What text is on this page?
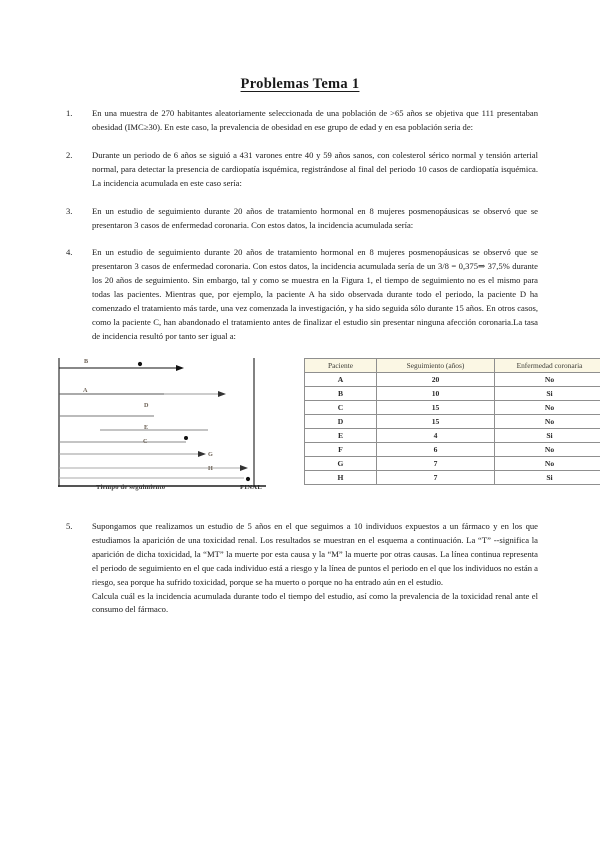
Problemas Tema 1
1.	En una muestra de 270 habitantes aleatoriamente seleccionada de una población de >65 años se objetiva que 111 presentaban obesidad (IMC≥30). En este caso, la prevalencia de obesidad en ese grupo de edad y en esa población seria de:
2.	Durante un periodo de 6 años se siguió a 431 varones entre 40 y 59 años sanos, con colesterol sérico normal y tensión arterial normal, para detectar la presencia de cardiopatía isquémica, registrándose al final del periodo 10 casos de cardiopatía isquémica. La incidencia acumulada en este caso sería:
3.	En un estudio de seguimiento durante 20 años de tratamiento hormonal en 8 mujeres posmenopáusicas se observó que se presentaron 3 casos de enfermedad coronaria. Con estos datos, la incidencia acumulada sería:
4.	En un estudio de seguimiento durante 20 años de tratamiento hormonal en 8 mujeres posmenopáusicas se observó que se presentaron 3 casos de enfermedad coronaria. Con estos datos, la incidencia acumulada sería de un 3/8 = 0,375⇒ 37,5% durante los 20 años de seguimiento. Sin embargo, tal y como se muestra en la Figura 1, el tiempo de seguimiento no es el mismo para todas las pacientes. Mientras que, por ejemplo, la paciente A ha sido observada durante todo el periodo, la paciente D ha comenzado el tratamiento más tarde, una vez comenzada la investigación, y ha sido seguida sólo durante 15 años. En otros casos, como la paciente C, han abandonado el tratamiento antes de finalizar el estudio sin presentar ninguna afección coronaria.La tasa de incidencia resultó por tanto ser igual a:
B
A
D
E
C
G
H
Tiempo de seguimiento	FINAL
Paciente	Seguimiento (años)	Enfermedad coronaria
A	20	No
B	10	Si
C	15	No
D	15	No
E	4	Si
F	6	No
G	7	No
H	7	Si
5.	Supongamos que realizamos un estudio de 5 años en el que seguimos a 10 individuos expuestos a un fármaco y en los que estudiamos la aparición de una toxicidad renal. Los resultados se muestran en el esquema a continuación. La “T” --significa la aparición de dicha toxicidad, la “MT” la muerte por esta causa y la “M” la muerte por otras causas. La línea continua representa el periodo de seguimiento en el que cada individuo está a riesgo y la línea de puntos el periodo en el que los individuos no están a riesgo, sea porque ha sufrido toxicidad, porque se ha muerto o porque no ha entrado aún en el estudio.
Calcula cuál es la incidencia acumulada durante todo el tiempo del estudio, así como la prevalencia de la toxicidad renal ante el consumo del fármaco.
